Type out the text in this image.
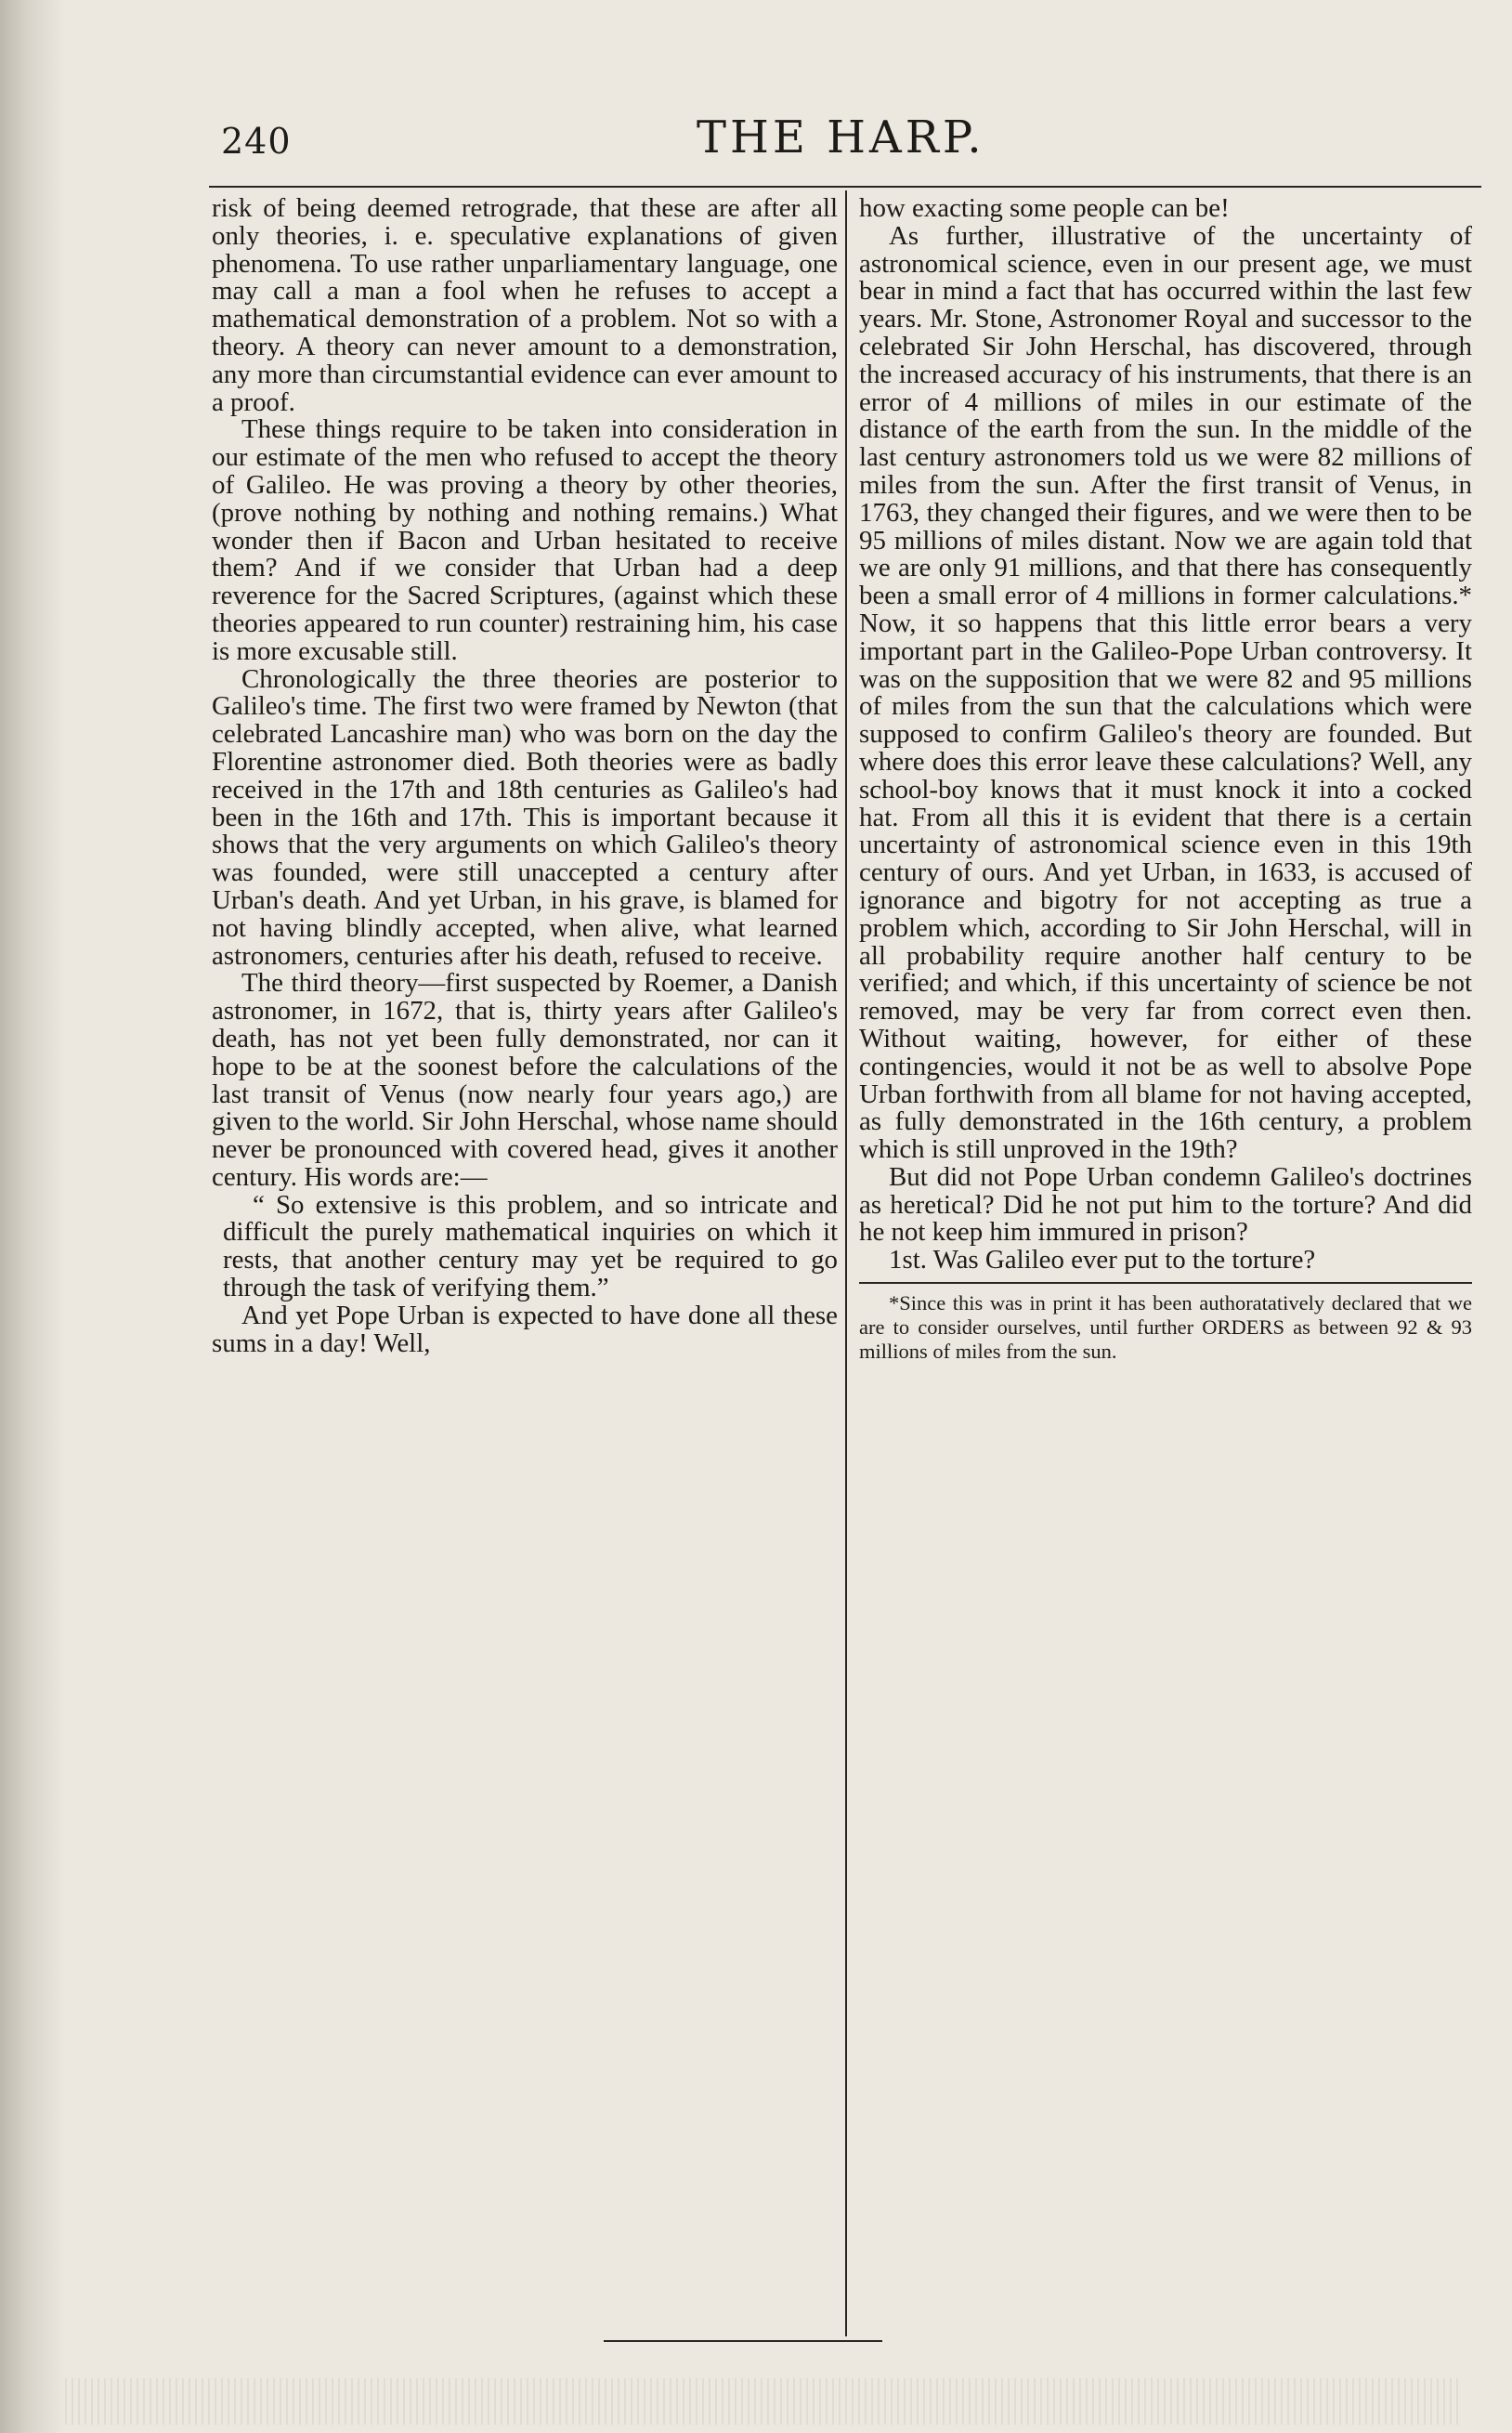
240	THE HARP.

risk of being deemed retrograde, that these are after all only theories, i. e. speculative explanations of given phenomena. To use rather unparliamentary language, one may call a man a fool when he refuses to accept a mathematical demonstration of a problem. Not so with a theory. A theory can never amount to a demonstration, any more than circumstantial evidence can ever amount to a proof.

These things require to be taken into consideration in our estimate of the men who refused to accept the theory of Galileo. He was proving a theory by other theories, (prove nothing by nothing and nothing remains.) What wonder then if Bacon and Urban hesitated to receive them? And if we consider that Urban had a deep reverence for the Sacred Scriptures, (against which these theories appeared to run counter) restraining him, his case is more excusable still.

Chronologically the three theories are posterior to Galileo's time. The first two were framed by Newton (that celebrated Lancashire man) who was born on the day the Florentine astronomer died. Both theories were as badly received in the 17th and 18th centuries as Galileo's had been in the 16th and 17th. This is important because it shows that the very arguments on which Galileo's theory was founded, were still unaccepted a century after Urban's death. And yet Urban, in his grave, is blamed for not having blindly accepted, when alive, what learned astronomers, centuries after his death, refused to receive.

The third theory—first suspected by Roemer, a Danish astronomer, in 1672, that is, thirty years after Galileo's death, has not yet been fully demonstrated, nor can it hope to be at the soonest before the calculations of the last transit of Venus (now nearly four years ago,) are given to the world. Sir John Herschal, whose name should never be pronounced with covered head, gives it another century. His words are:—

“ So extensive is this problem, and so intricate and difficult the purely mathematical inquiries on which it rests, that another century may yet be required to go through the task of verifying them.”

And yet Pope Urban is expected to have done all these sums in a day! Well,

how exacting some people can be!

As further, illustrative of the uncertainty of astronomical science, even in our present age, we must bear in mind a fact that has occurred within the last few years. Mr. Stone, Astronomer Royal and successor to the celebrated Sir John Herschal, has discovered, through the increased accuracy of his instruments, that there is an error of 4 millions of miles in our estimate of the distance of the earth from the sun. In the middle of the last century astronomers told us we were 82 millions of miles from the sun. After the first transit of Venus, in 1763, they changed their figures, and we were then to be 95 millions of miles distant. Now we are again told that we are only 91 millions, and that there has consequently been a small error of 4 millions in former calculations.* Now, it so happens that this little error bears a very important part in the Galileo-Pope Urban controversy. It was on the supposition that we were 82 and 95 millions of miles from the sun that the calculations which were supposed to confirm Galileo's theory are founded. But where does this error leave these calculations? Well, any school-boy knows that it must knock it into a cocked hat. From all this it is evident that there is a certain uncertainty of astronomical science even in this 19th century of ours. And yet Urban, in 1633, is accused of ignorance and bigotry for not accepting as true a problem which, according to Sir John Herschal, will in all probability require another half century to be verified; and which, if this uncertainty of science be not removed, may be very far from correct even then. Without waiting, however, for either of these contingencies, would it not be as well to absolve Pope Urban forthwith from all blame for not having accepted, as fully demonstrated in the 16th century, a problem which is still unproved in the 19th?

But did not Pope Urban condemn Galileo's doctrines as heretical? Did he not put him to the torture? And did he not keep him immured in prison?

1st. Was Galileo ever put to the torture?

*Since this was in print it has been authoratatively declared that we are to consider ourselves, until further ORDERS as between 92 & 93 millions of miles from the sun.
